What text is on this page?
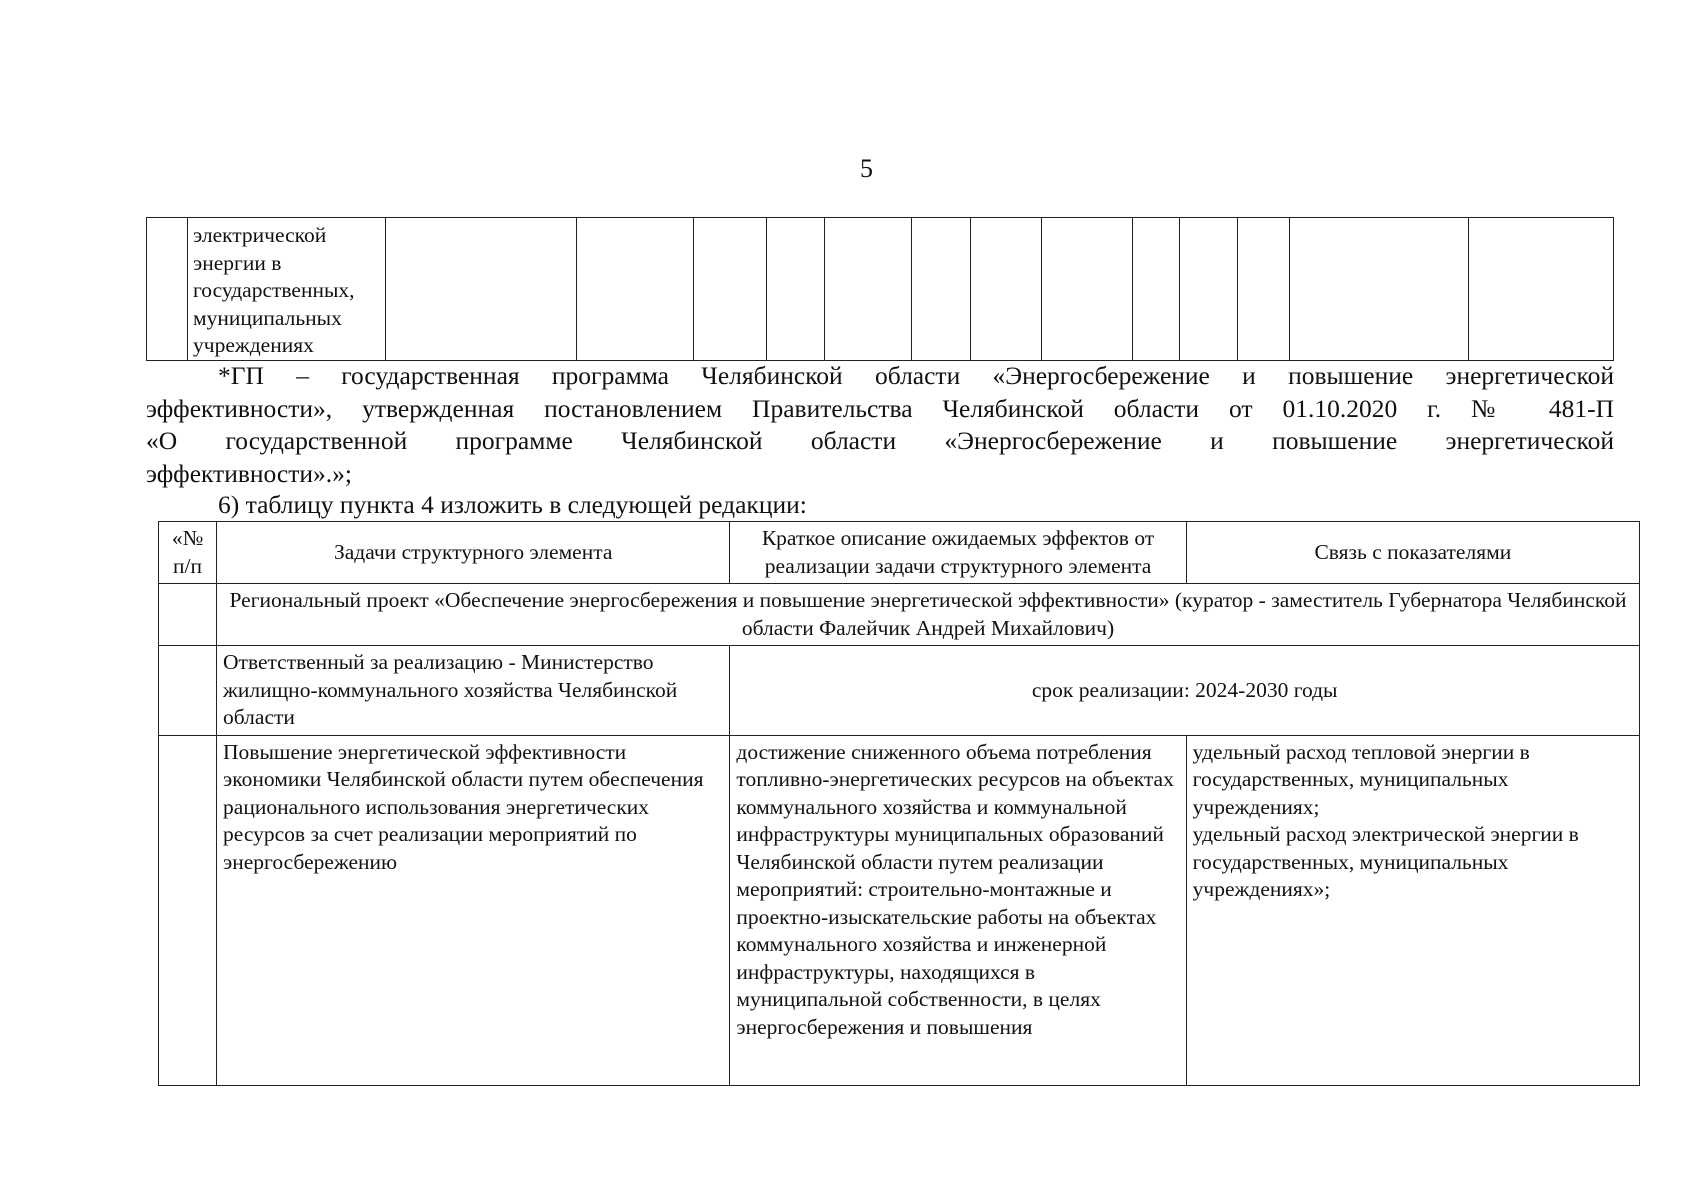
5
	электрической энергии в государственных, муниципальных учреждениях													
*ГП – государственная программа Челябинской области «Энергосбережение и повышение энергетической
эффективности», утвержденная постановлением Правительства Челябинской области от 01.10.2020 г. № 481-П
«О государственной программе Челябинской области «Энергосбережение и повышение энергетической
эффективности».»;
6) таблицу пункта 4 изложить в следующей редакции:
«№ п/п	Задачи структурного элемента	Краткое описание ожидаемых эффектов от реализации задачи структурного элемента	Связь с показателями
	Региональный проект «Обеспечение энергосбережения и повышение энергетической эффективности» (куратор - заместитель Губернатора Челябинской области Фалейчик Андрей Михайлович)		
	Ответственный за реализацию - Министерство жилищно-коммунального хозяйства Челябинской области	срок реализации: 2024-2030 годы	
	Повышение энергетической эффективности экономики Челябинской области путем обеспечения рационального использования энергетических ресурсов за счет реализации мероприятий по энергосбережению	достижение сниженного объема потребления топливно-энергетических ресурсов на объектах коммунального хозяйства и коммунальной инфраструктуры муниципальных образований Челябинской области путем реализации мероприятий: строительно-монтажные и проектно-изыскательские работы на объектах коммунального хозяйства и инженерной инфраструктуры, находящихся в муниципальной собственности, в целях энергосбережения и повышения	удельный расход тепловой энергии в государственных, муниципальных учреждениях;
удельный расход электрической энергии в государственных, муниципальных учреждениях»;
